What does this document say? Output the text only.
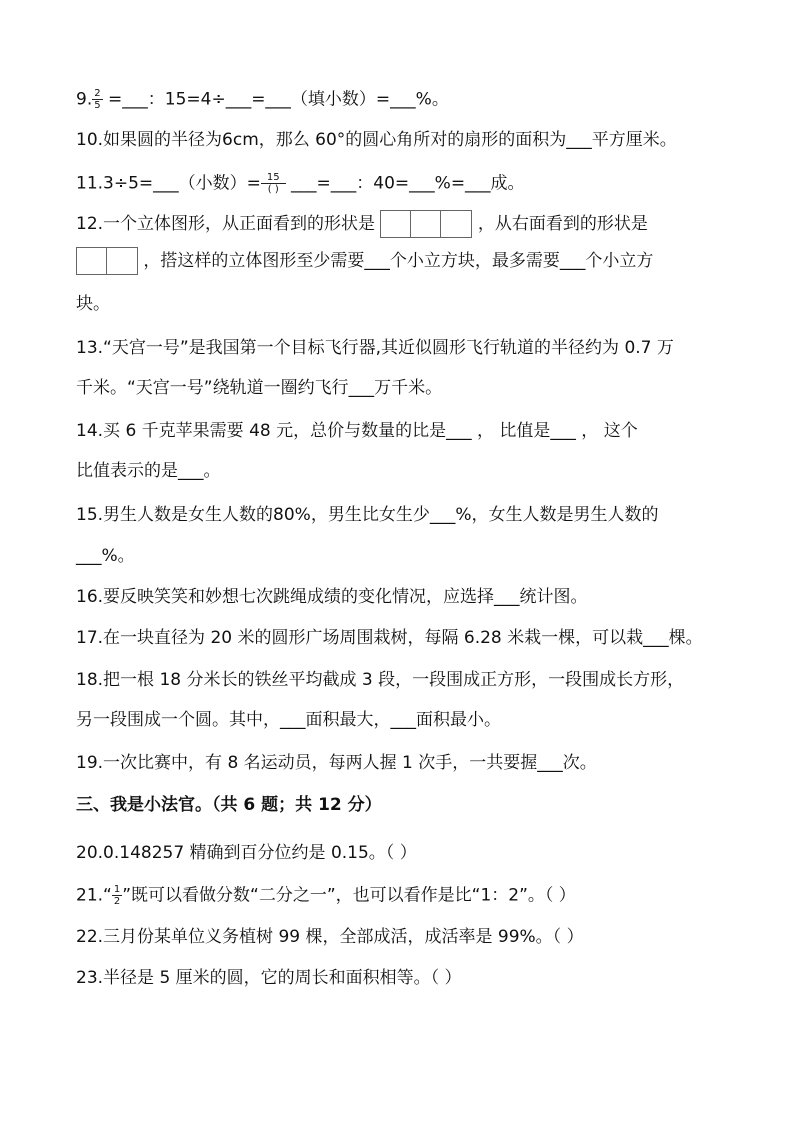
9. $\frac{2}{5}$ =___：15=4÷___=___（填小数）=___%。
10.如果圆的半径为6cm，那么 60°的圆心角所对的扇形的面积为___平方厘米。
11.3÷5=___（小数）= $\frac{15}{( )}$ ___=___：40=___%=___成。
12.一个立体图形，从正面看到的形状是	，从右面看到的形状是
，搭这样的立体图形至少需要___个小立方块，最多需要___个小立方
块。
13.“天宫一号”是我国第一个目标飞行器,其近似圆形飞行轨道的半径约为 0.7 万
千米。“天宫一号”绕轨道一圈约飞行___万千米。
14.买 6 千克苹果需要 48 元，总价与数量的比是___ ， 比值是___ ， 这个
比值表示的是___。
15.男生人数是女生人数的80%，男生比女生少___%，女生人数是男生人数的
___%。
16.要反映笑笑和妙想七次跳绳成绩的变化情况，应选择___统计图。
17.在一块直径为 20 米的圆形广场周围栽树，每隔 6.28 米栽一棵，可以栽___棵。
18.把一根 18 分米长的铁丝平均截成 3 段，一段围成正方形，一段围成长方形，
另一段围成一个圆。其中，___面积最大，___面积最小。
19.一次比赛中，有 8 名运动员，每两人握 1 次手，一共要握___次。
三、我是小法官。（共 6 题；共 12 分）
20.0.148257 精确到百分位约是 0.15。（ ）
21.“ $\frac{1}{2}$ ”既可以看做分数“二分之一”，也可以看作是比“1：2”。（ ）
22.三月份某单位义务植树 99 棵，全部成活，成活率是 99%。（ ）
23.半径是 5 厘米的圆，它的周长和面积相等。（ ）
